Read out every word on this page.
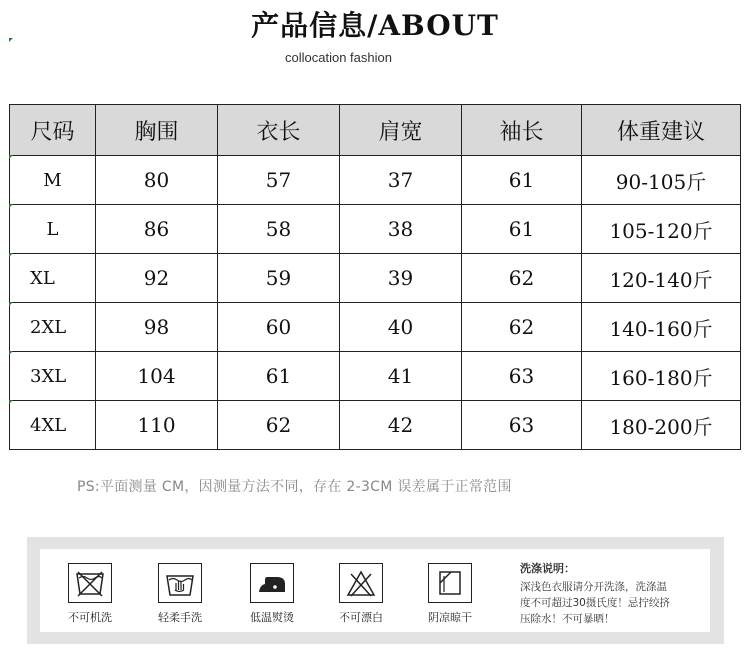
产品信息/ABOUT
collocation fashion
尺码	胸围	衣长	肩宽	袖长	体重建议
M	80	57	37	61	90-105斤
L	86	58	38	61	105-120斤
XL	92	59	39	62	120-140斤
2XL	98	60	40	62	140-160斤
3XL	104	61	41	63	160-180斤
4XL	110	62	42	63	180-200斤
PS:平面测量 CM，因测量方法不同，存在 2-3CM 误差属于正常范围
不可机洗	轻柔手洗	低温熨烫	不可漂白	阴凉晾干
洗涤说明：
深浅色衣服请分开洗涤，洗涤温
度不可超过30摄氏度！忌拧绞挤
压除水！不可暴晒！
